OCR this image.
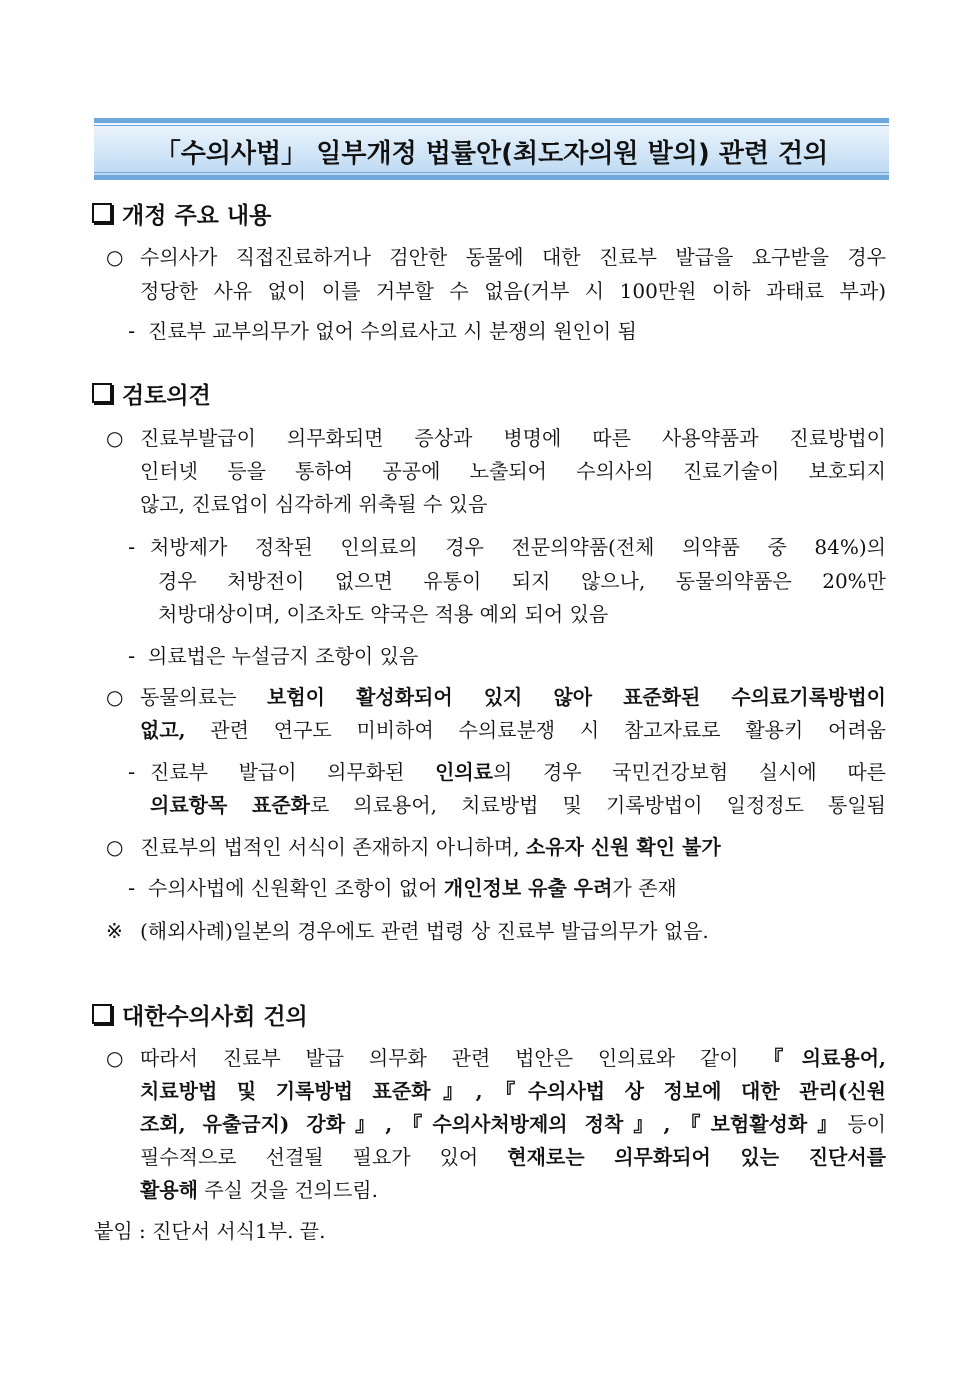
「수의사법」 일부개정 법률안(최도자의원 발의) 관련 건의
개정 주요 내용
○ 수의사가 직접진료하거나 검안한 동물에 대한 진료부 발급을 요구받을 경우
정당한 사유 없이 이를 거부할 수 없음(거부 시 100만원 이하 과태료 부과)
- 진료부 교부의무가 없어 수의료사고 시 분쟁의 원인이 됨
검토의견
○ 진료부발급이 의무화되면 증상과 병명에 따른 사용약품과 진료방법이
인터넷 등을 통하여 공공에 노출되어 수의사의 진료기술이 보호되지
않고, 진료업이 심각하게 위축될 수 있음
- 처방제가 정착된 인의료의 경우 전문의약품(전체 의약품 중 84%)의
경우 처방전이 없으면 유통이 되지 않으나, 동물의약품은 20%만
처방대상이며, 이조차도 약국은 적용 예외 되어 있음
- 의료법은 누설금지 조항이 있음
○ 동물의료는 보험이 활성화되어 있지 않아 표준화된 수의료기록방법이
없고, 관련 연구도 미비하여 수의료분쟁 시 참고자료로 활용키 어려움
- 진료부 발급이 의무화된 인의료의 경우 국민건강보험 실시에 따른
의료항목 표준화로 의료용어, 치료방법 및 기록방법이 일정정도 통일됨
○ 진료부의 법적인 서식이 존재하지 아니하며, 소유자 신원 확인 불가
- 수의사법에 신원확인 조항이 없어 개인정보 유출 우려가 존재
※ (해외사례)일본의 경우에도 관련 법령 상 진료부 발급의무가 없음.
대한수의사회 건의
○ 따라서 진료부 발급 의무화 관련 법안은 인의료와 같이 『의료용어,
치료방법 및 기록방법 표준화』,『수의사법 상 정보에 대한 관리(신원
조회, 유출금지) 강화』,『수의사처방제의 정착』,『보험활성화』등이
필수적으로 선결될 필요가 있어 현재로는 의무화되어 있는 진단서를
활용해 주실 것을 건의드림.
붙임 : 진단서 서식1부. 끝.
